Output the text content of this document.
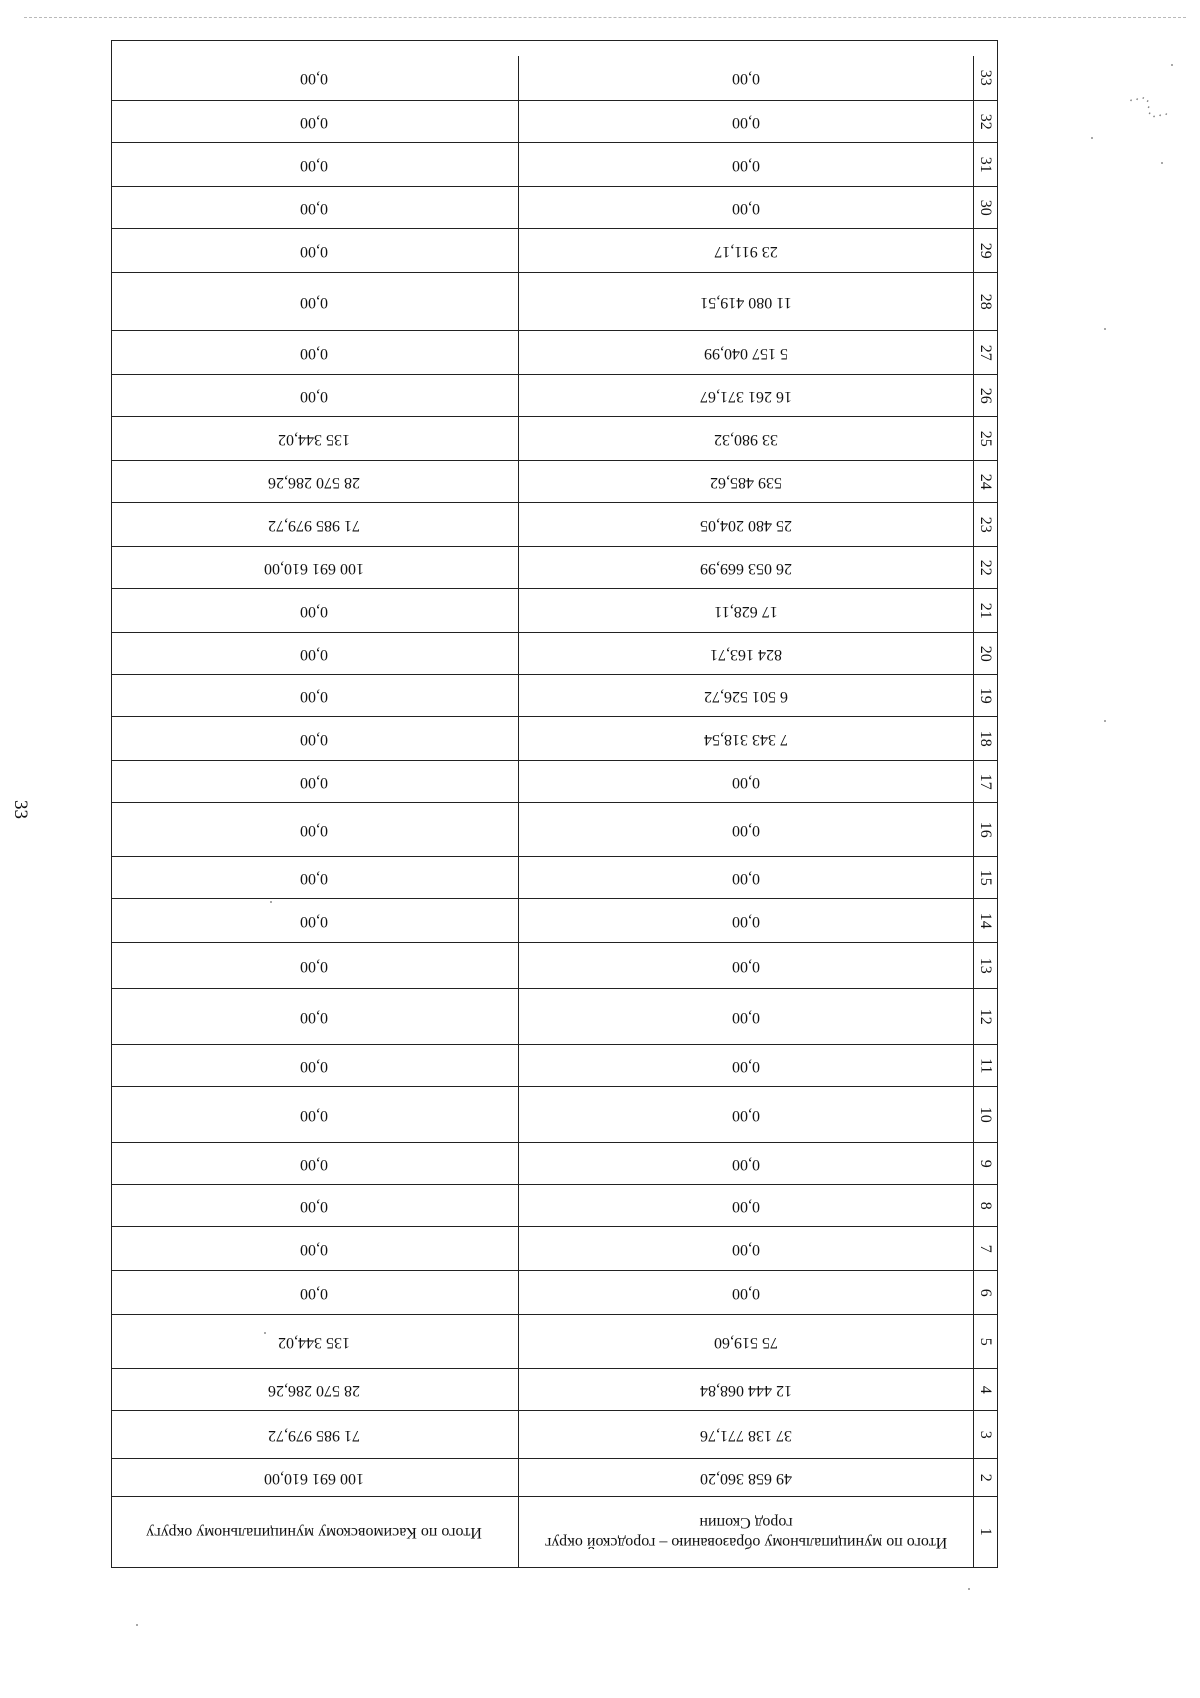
33
⋰⋱⋰
1
Итого по муниципальному образованию – городской округ город Скопин
Итого по Касимовскому муниципальному округу
2
49 658 360,20
100 691 610,00
3
37 138 771,76
71 985 979,72
4
12 444 068,84
28 570 286,26
5
75 519,60
135 344,02
6
0,00
0,00
7
0,00
0,00
8
0,00
0,00
9
0,00
0,00
10
0,00
0,00
11
0,00
0,00
12
0,00
0,00
13
0,00
0,00
14
0,00
0,00
15
0,00
0,00
16
0,00
0,00
17
0,00
0,00
18
7 343 318,54
0,00
19
6 501 526,72
0,00
20
824 163,71
0,00
21
17 628,11
0,00
22
26 053 669,99
100 691 610,00
23
25 480 204,05
71 985 979,72
24
539 485,62
28 570 286,26
25
33 980,32
135 344,02
26
16 261 371,67
0,00
27
5 157 040,99
0,00
28
11 080 419,51
0,00
29
23 911,17
0,00
30
0,00
0,00
31
0,00
0,00
32
0,00
0,00
33
0,00
0,00
